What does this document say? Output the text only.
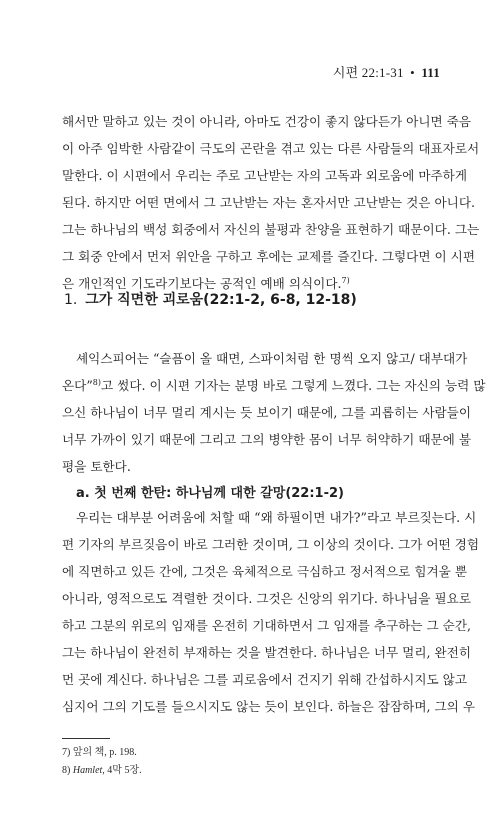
시편 22:1-31 • 111
해서만 말하고 있는 것이 아니라, 아마도 건강이 좋지 않다든가 아니면 죽음
이 아주 임박한 사람같이 극도의 곤란을 겪고 있는 다른 사람들의 대표자로서
말한다. 이 시편에서 우리는 주로 고난받는 자의 고독과 외로움에 마주하게
된다. 하지만 어떤 면에서 그 고난받는 자는 혼자서만 고난받는 것은 아니다.
그는 하나님의 백성 회중에서 자신의 불평과 찬양을 표현하기 때문이다. 그는
그 회중 안에서 먼저 위안을 구하고 후에는 교제를 즐긴다. 그렇다면 이 시편
은 개인적인 기도라기보다는 공적인 예배 의식이다.$^{7)}$
1. 그가 직면한 괴로움(22:1-2, 6-8, 12-18)
셰익스피어는 “슬픔이 올 때면, 스파이처럼 한 명씩 오지 않고/ 대부대가
온다”$^{8)}$고 썼다. 이 시편 기자는 분명 바로 그렇게 느꼈다. 그는 자신의 능력 많
으신 하나님이 너무 멀리 계시는 듯 보이기 때문에, 그를 괴롭히는 사람들이
너무 가까이 있기 때문에 그리고 그의 병약한 몸이 너무 허약하기 때문에 불
평을 토한다.
a. 첫 번째 한탄: 하나님께 대한 갈망(22:1-2)
우리는 대부분 어려움에 처할 때 “왜 하필이면 내가?”라고 부르짖는다. 시
편 기자의 부르짖음이 바로 그러한 것이며, 그 이상의 것이다. 그가 어떤 경험
에 직면하고 있든 간에, 그것은 육체적으로 극심하고 정서적으로 힘겨울 뿐
아니라, 영적으로도 격렬한 것이다. 그것은 신앙의 위기다. 하나님을 필요로
하고 그분의 위로의 임재를 온전히 기대하면서 그 임재를 추구하는 그 순간,
그는 하나님이 완전히 부재하는 것을 발견한다. 하나님은 너무 멀리, 완전히
먼 곳에 계신다. 하나님은 그를 괴로움에서 건지기 위해 간섭하시지도 않고
심지어 그의 기도를 들으시지도 않는 듯이 보인다. 하늘은 잠잠하며, 그의 우
7) 앞의 책, p. 198.
8) Hamlet, 4막 5장.
